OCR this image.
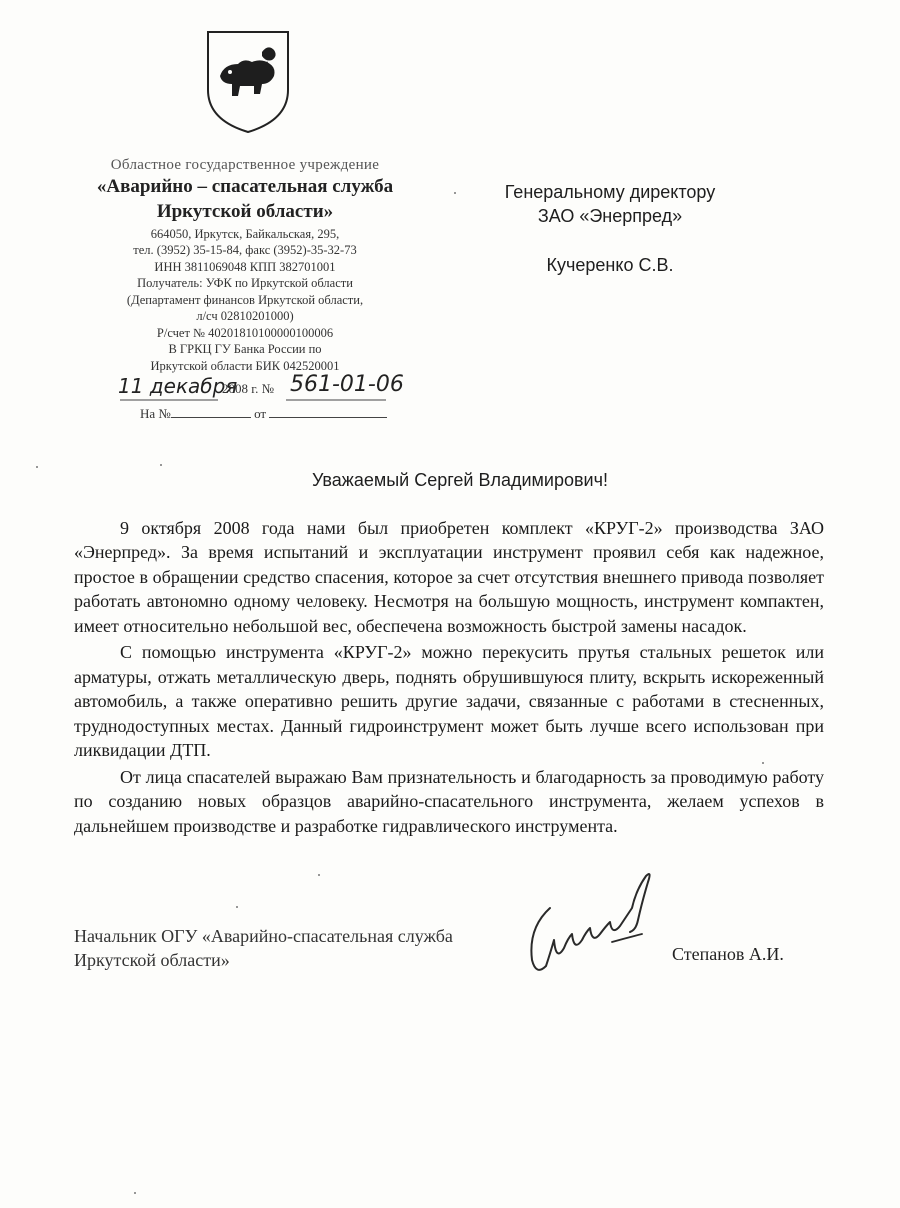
Областное государственное учреждение
«Аварийно – спасательная служба
Иркутской области»
664050, Иркутск, Байкальская, 295,
тел. (3952) 35-15-84, факс (3952)-35-32-73
ИНН 3811069048 КПП 382701001
Получатель: УФК по Иркутской области
(Департамент финансов Иркутской области,
л/сч 02810201000)
Р/счет № 40201810100000100006
В ГРКЦ ГУ Банка России по
Иркутской области БИК 042520001
11 декабря
2008 г. № 561-01-06
На №	от
Генеральному директору
ЗАО «Энерпред»
Кучеренко С.В.
Уважаемый Сергей Владимирович!

9 октября 2008 года нами был приобретен комплект «КРУГ-2» производства ЗАО «Энерпред». За время испытаний и эксплуатации инструмент проявил себя как надежное, простое в обращении средство спасения, которое за счет отсутствия внешнего привода позволяет работать автономно одному человеку. Несмотря на большую мощность, инструмент компактен, имеет относительно небольшой вес, обеспечена возможность быстрой замены насадок.

С помощью инструмента «КРУГ-2» можно перекусить прутья стальных решеток или арматуры, отжать металлическую дверь, поднять обрушившуюся плиту, вскрыть искореженный автомобиль, а также оперативно решить другие задачи, связанные с работами в стесненных, труднодоступных местах. Данный гидроинструмент может быть лучше всего использован при ликвидации ДТП.

От лица спасателей выражаю Вам признательность и благодарность за проводимую работу по созданию новых образцов аварийно-спасательного инструмента, желаем успехов в дальнейшем производстве и разработке гидравлического инструмента.

Начальник ОГУ «Аварийно-спасательная служба
Иркутской области»	Степанов А.И.
